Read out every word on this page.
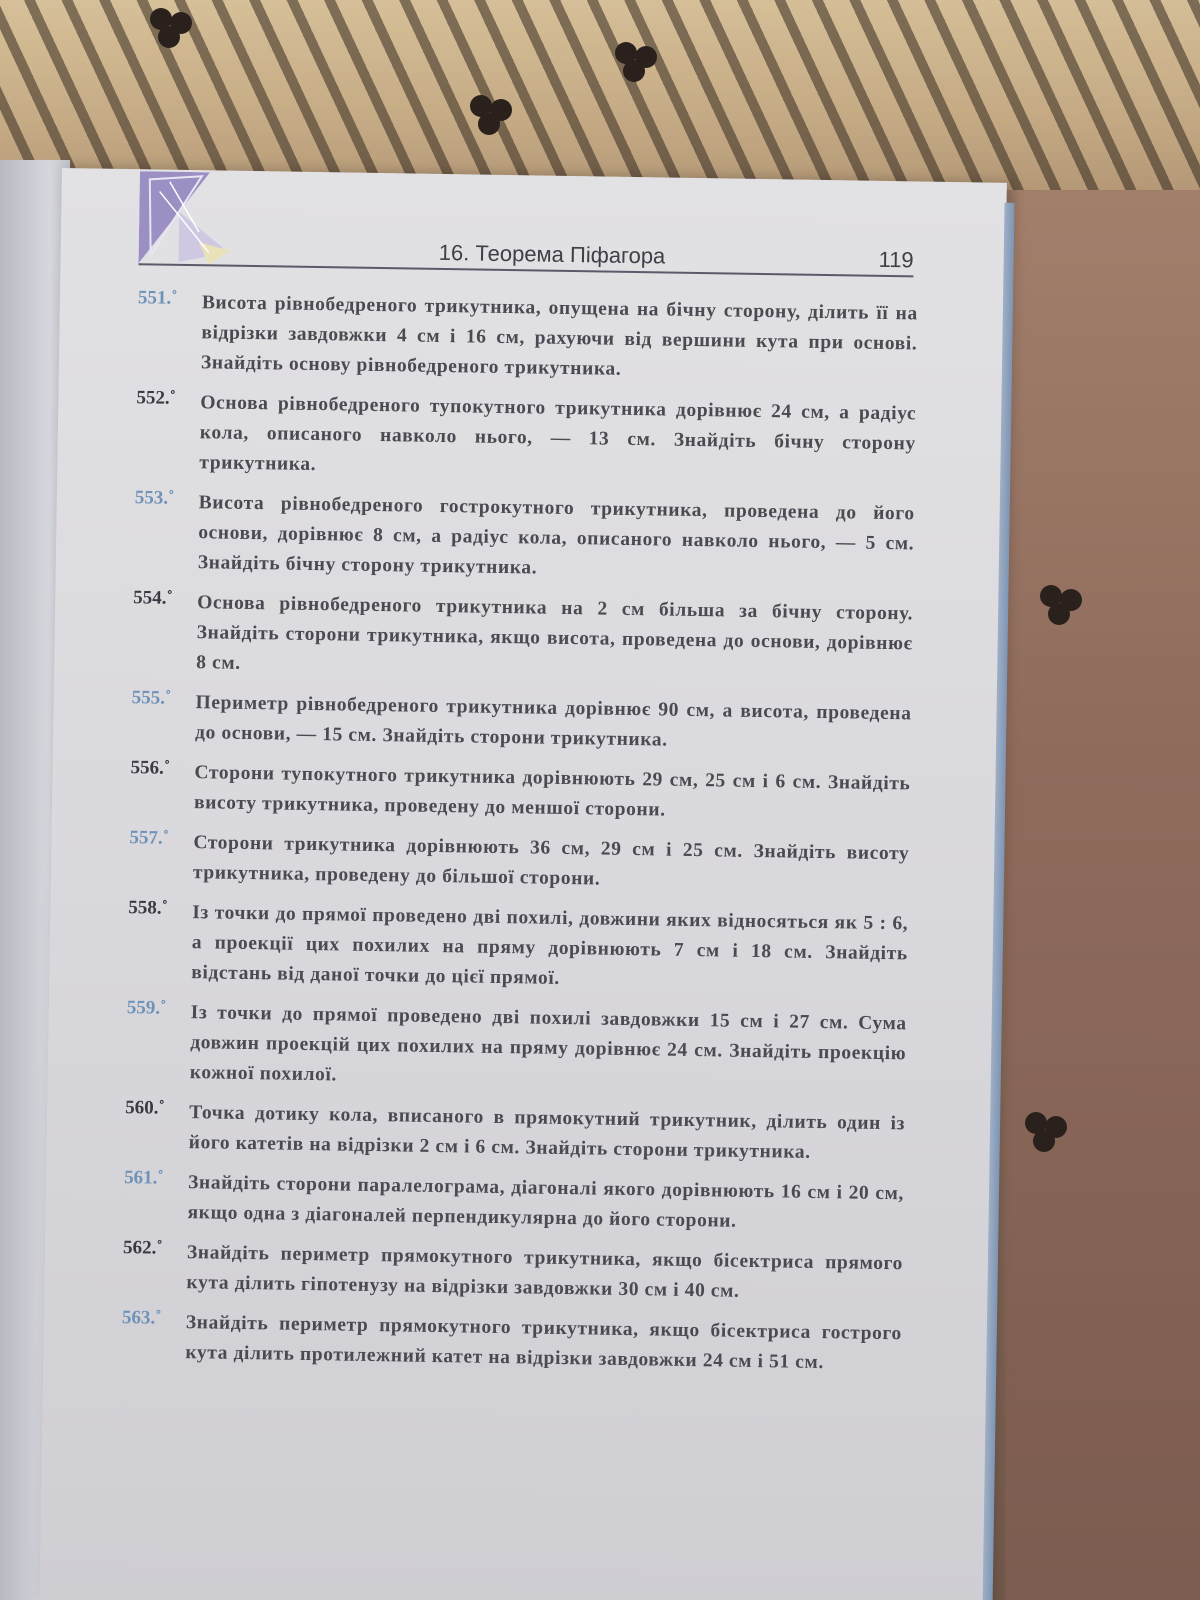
16. Теорема Піфагора	119
551.˚ Висота рівнобедреного трикутника, опущена на бічну сторону, ділить її на відрізки завдовжки 4 см і 16 см, рахуючи від вершини кута при основі. Знайдіть основу рівнобедреного трикутника.
552.˚ Основа рівнобедреного тупокутного трикутника дорівнює 24 см, а радіус кола, описаного навколо нього, — 13 см. Знайдіть бічну сторону трикутника.
553.˚ Висота рівнобедреного гострокутного трикутника, проведена до його основи, дорівнює 8 см, а радіус кола, описаного навколо нього, — 5 см. Знайдіть бічну сторону трикутника.
554.˚ Основа рівнобедреного трикутника на 2 см більша за бічну сторону. Знайдіть сторони трикутника, якщо висота, проведена до основи, дорівнює 8 см.
555.˚ Периметр рівнобедреного трикутника дорівнює 90 см, а висота, проведена до основи, — 15 см. Знайдіть сторони трикутника.
556.˚ Сторони тупокутного трикутника дорівнюють 29 см, 25 см і 6 см. Знайдіть висоту трикутника, проведену до меншої сторони.
557.˚ Сторони трикутника дорівнюють 36 см, 29 см і 25 см. Знайдіть висоту трикутника, проведену до більшої сторони.
558.˚ Із точки до прямої проведено дві похилі, довжини яких відносяться як 5 : 6, а проекції цих похилих на пряму дорівнюють 7 см і 18 см. Знайдіть відстань від даної точки до цієї прямої.
559.˚ Із точки до прямої проведено дві похилі завдовжки 15 см і 27 см. Сума довжин проекцій цих похилих на пряму дорівнює 24 см. Знайдіть проекцію кожної похилої.
560.˚ Точка дотику кола, вписаного в прямокутний трикутник, ділить один із його катетів на відрізки 2 см і 6 см. Знайдіть сторони трикутника.
561.˚ Знайдіть сторони паралелограма, діагоналі якого дорівнюють 16 см і 20 см, якщо одна з діагоналей перпендикулярна до його сторони.
562.˚ Знайдіть периметр прямокутного трикутника, якщо бісектриса прямого кута ділить гіпотенузу на відрізки завдовжки 30 см і 40 см.
563.˚ Знайдіть периметр прямокутного трикутника, якщо бісектриса гострого кута ділить протилежний катет на відрізки завдовжки 24 см і 51 см.
